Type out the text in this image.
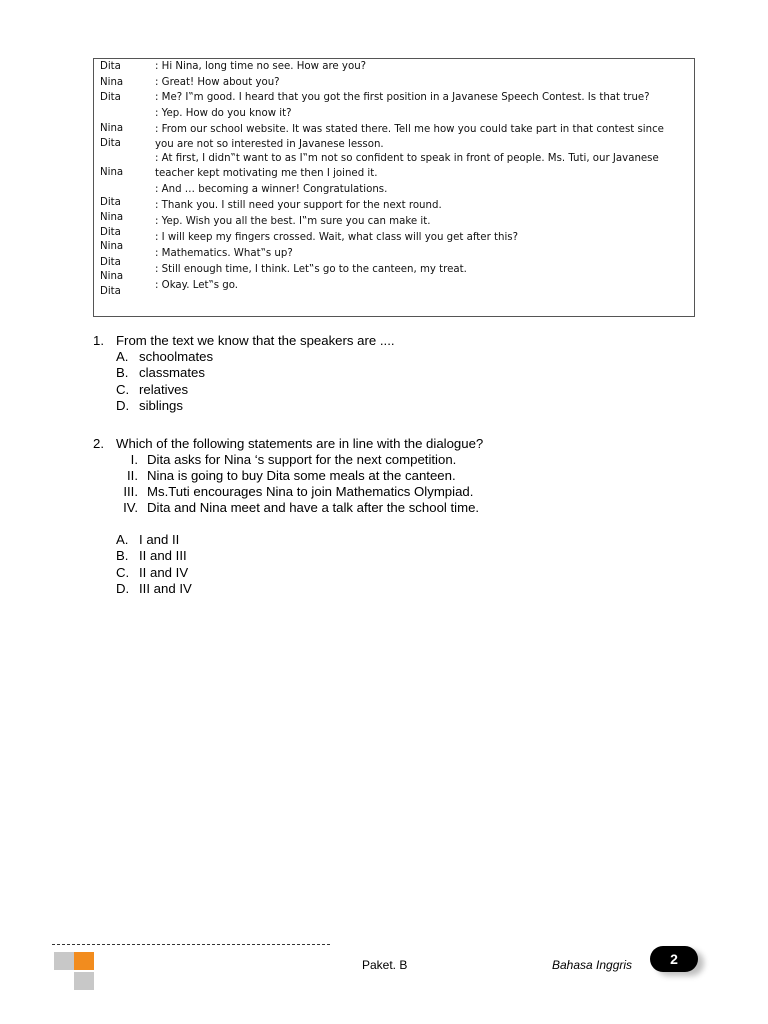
Dita
Nina
Dita
Nina
Dita
Nina
Dita
Nina
Dita
Nina
Dita
Nina
Dita
: Hi Nina, long time no see. How are you?
: Great! How about you?
: Me? I‟m good. I heard that you got the first position in a Javanese Speech Contest. Is that true?
: Yep. How do you know it?
: From our school website. It was stated there. Tell me how you could take part in that contest since
you are not so interested in Javanese lesson.
: At first, I didn‟t want to as I‟m not so confident to speak in front of people. Ms. Tuti, our Javanese
teacher kept motivating me then I joined it.
: And … becoming a winner! Congratulations.
: Thank you. I still need your support for the next round.
: Yep. Wish you all the best. I‟m sure you can make it.
: I will keep my fingers crossed. Wait, what class will you get after this?
: Mathematics. What‟s up?
: Still enough time, I think. Let‟s go to the canteen, my treat.
: Okay. Let‟s go.
1. From the text we know that the speakers are ....
A. schoolmates
B. classmates
C. relatives
D. siblings
2. Which of the following statements are in line with the dialogue?
I. Dita asks for Nina ‘s support for the next competition.
II. Nina is going to buy Dita some meals at the canteen.
III. Ms.Tuti encourages Nina to join Mathematics Olympiad.
IV. Dita and Nina meet and have a talk after the school time.
A. I and II
B. II and III
C. II and IV
D. III and IV
Paket. B	Bahasa Inggris	2
